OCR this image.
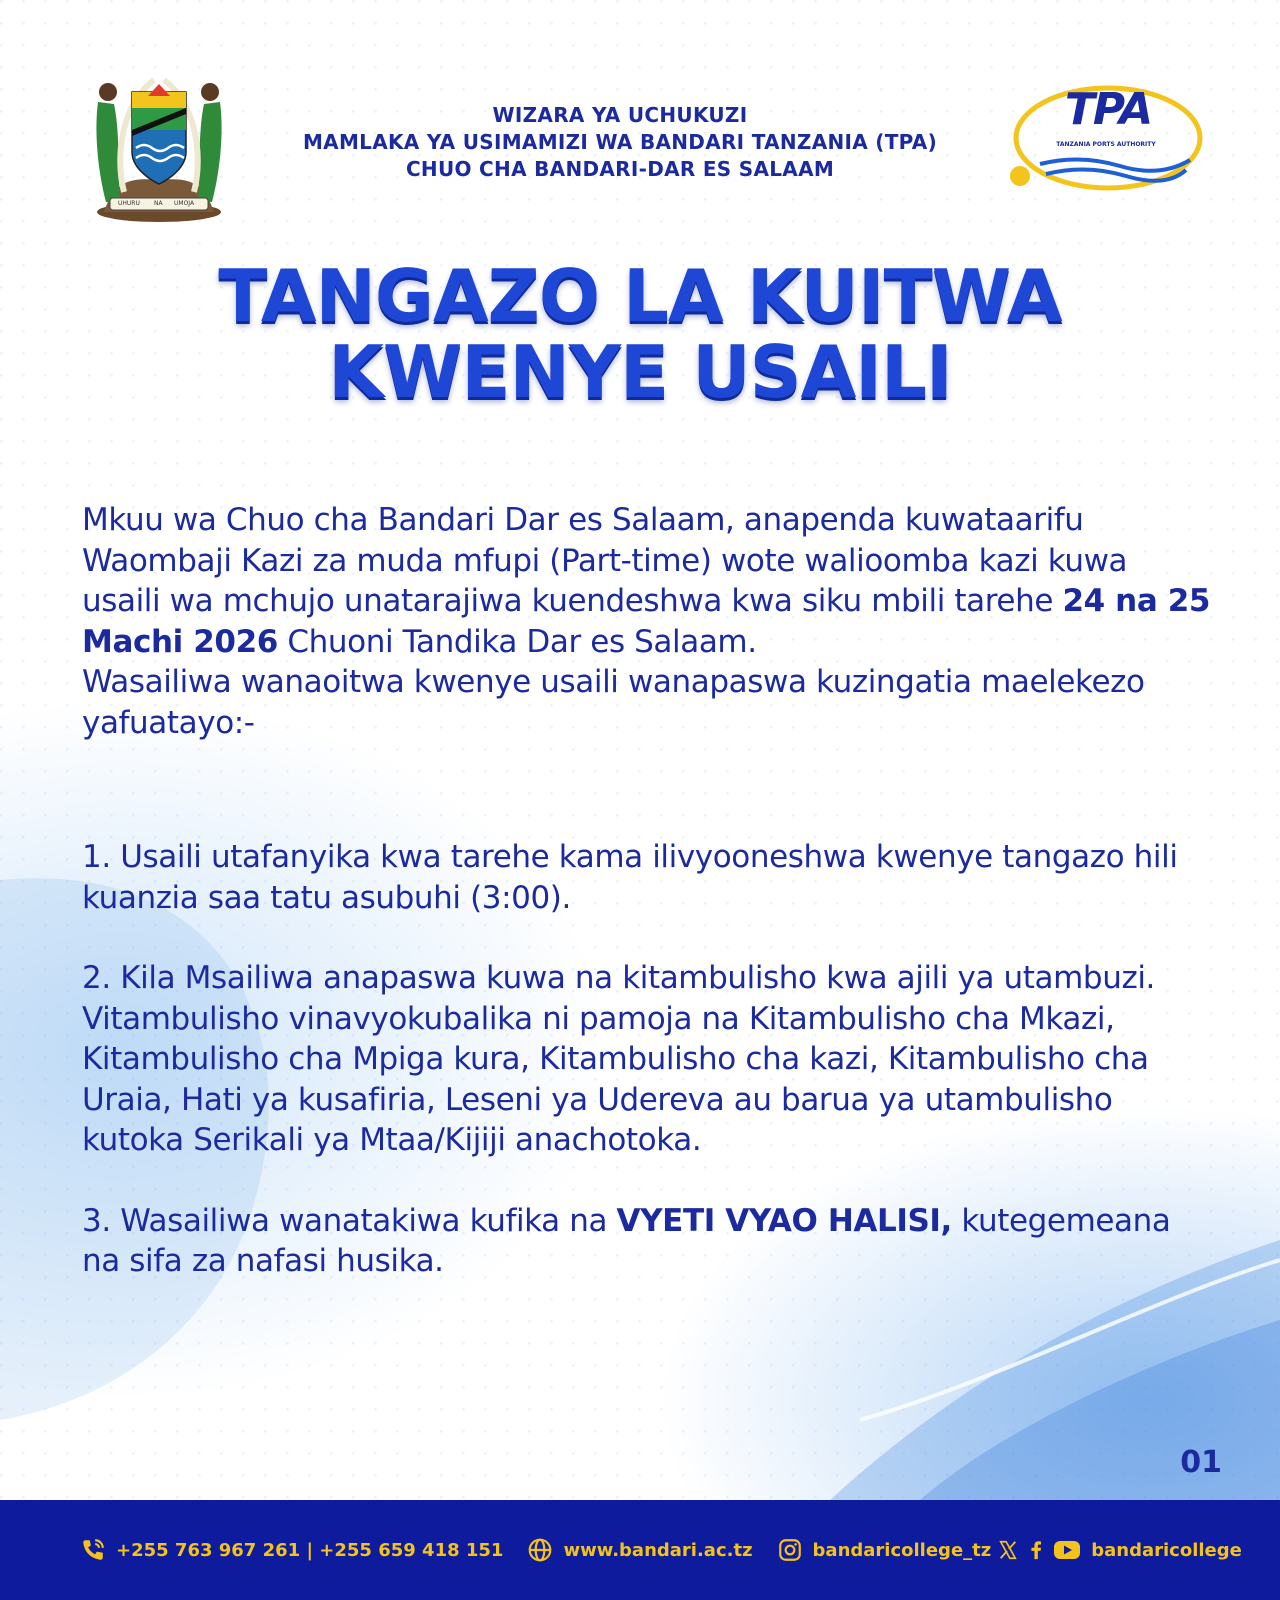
UHURU NA UMOJA
WIZARA YA UCHUKUZI
MAMLAKA YA USIMAMIZI WA BANDARI TANZANIA (TPA)
CHUO CHA BANDARI-DAR ES SALAAM
TPA
TANZANIA PORTS AUTHORITY
TANGAZO LA KUITWA
KWENYE USAILI

Mkuu wa Chuo cha Bandari Dar es Salaam, anapenda kuwataarifu Waombaji Kazi za muda mfupi (Part-time) wote walioomba kazi kuwa usaili wa mchujo unatarajiwa kuendeshwa kwa siku mbili tarehe 24 na 25 Machi 2026 Chuoni Tandika Dar es Salaam.

Wasailiwa wanaoitwa kwenye usaili wanapaswa kuzingatia maelekezo yafuatayo:-

1. Usaili utafanyika kwa tarehe kama ilivyooneshwa kwenye tangazo hili kuanzia saa tatu asubuhi (3:00).

2. Kila Msailiwa anapaswa kuwa na kitambulisho kwa ajili ya utambuzi. Vitambulisho vinavyokubalika ni pamoja na Kitambulisho cha Mkazi, Kitambulisho cha Mpiga kura, Kitambulisho cha kazi, Kitambulisho cha Uraia, Hati ya kusafiria, Leseni ya Udereva au barua ya utambulisho kutoka Serikali ya Mtaa/Kijiji anachotoka.

3. Wasailiwa wanatakiwa kufika na VYETI VYAO HALISI, kutegemeana na sifa za nafasi husika.

01
+255 763 967 261 | +255 659 418 151	www.bandari.ac.tz	bandaricollege_tz	bandaricollege
